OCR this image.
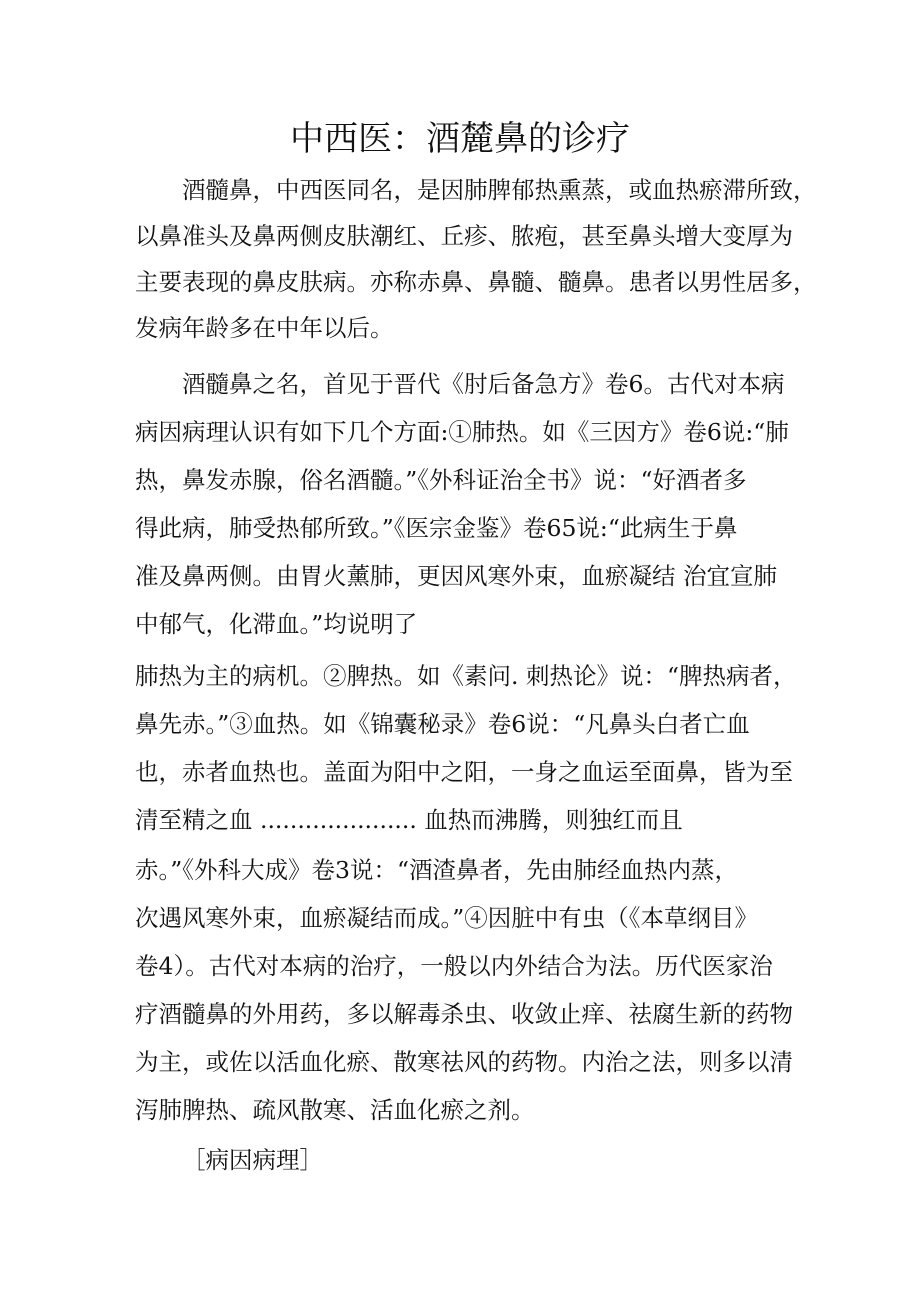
中西医：酒麓鼻的诊疗

酒髓鼻，中西医同名，是因肺脾郁热熏蒸，或血热瘀滞所致，

以鼻准头及鼻两侧皮肤潮红、丘疹、脓疱，甚至鼻头增大变厚为

主要表现的鼻皮肤病。亦称赤鼻、鼻髓、髓鼻。患者以男性居多，

发病年龄多在中年以后。

酒髓鼻之名，首见于晋代《肘后备急方》卷6。古代对本病

病因病理认识有如下几个方面:①肺热。如《三因方》卷6说:“肺

热，鼻发赤腺，俗名酒髓。”《外科证治全书》说：“好酒者多

得此病，肺受热郁所致。”《医宗金鉴》卷65说:“此病生于鼻

准及鼻两侧。由胃火薰肺，更因风寒外束，血瘀凝结 治宜宣肺

中郁气，化滞血。”均说明了

肺热为主的病机。②脾热。如《素问. 刺热论》说：“脾热病者，

鼻先赤。”③血热。如《锦囊秘录》卷6说：“凡鼻头白者亡血

也，赤者血热也。盖面为阳中之阳，一身之血运至面鼻，皆为至

清至精之血 ..................... 血热而沸腾，则独红而且

赤。”《外科大成》卷3说：“酒渣鼻者，先由肺经血热内蒸，

次遇风寒外束，血瘀凝结而成。”④因脏中有虫（《本草纲目》

卷4）。古代对本病的治疗，一般以内外结合为法。历代医家治

疗酒髓鼻的外用药，多以解毒杀虫、收敛止痒、祛腐生新的药物

为主，或佐以活血化瘀、散寒祛风的药物。内治之法，则多以清

泻肺脾热、疏风散寒、活血化瘀之剂。

［病因病理］
